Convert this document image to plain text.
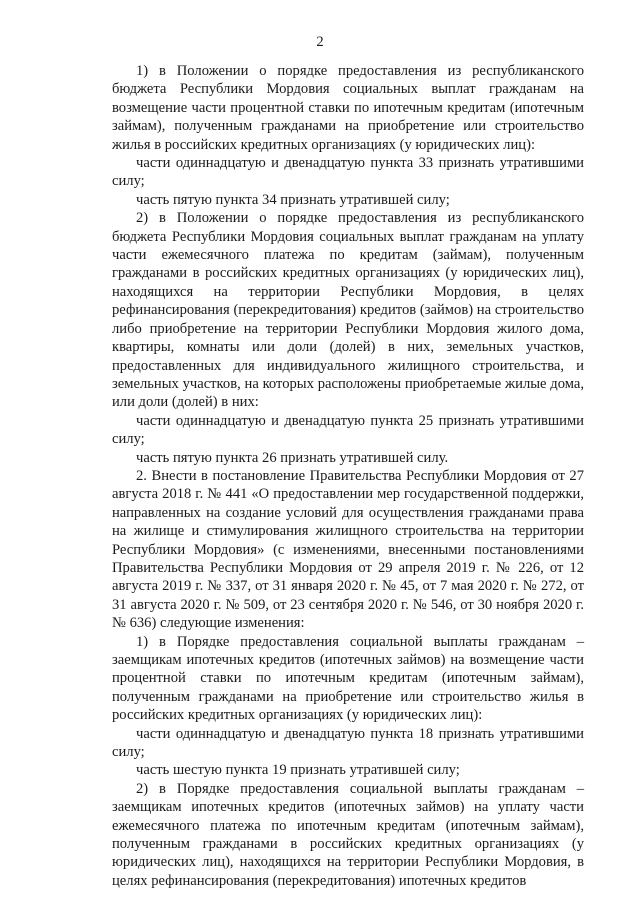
2

1) в Положении о порядке предоставления из республиканского бюджета Республики Мордовия социальных выплат гражданам на возмещение части процентной ставки по ипотечным кредитам (ипотечным займам), полученным гражданами на приобретение или строительство жилья в российских кредитных организациях (у юридических лиц):

части одиннадцатую и двенадцатую пункта 33 признать утратившими силу;

часть пятую пункта 34 признать утратившей силу;

2) в Положении о порядке предоставления из республиканского бюджета Республики Мордовия социальных выплат гражданам на уплату части ежемесячного платежа по кредитам (займам), полученным гражданами в российских кредитных организациях (у юридических лиц), находящихся на территории Республики Мордовия, в целях рефинансирования (перекредитования) кредитов (займов) на строительство либо приобретение на территории Республики Мордовия жилого дома, квартиры, комнаты или доли (долей) в них, земельных участков, предоставленных для индивидуального жилищного строительства, и земельных участков, на которых расположены приобретаемые жилые дома, или доли (долей) в них:

части одиннадцатую и двенадцатую пункта 25 признать утратившими силу;

часть пятую пункта 26 признать утратившей силу.

2. Внести в постановление Правительства Республики Мордовия от 27 августа 2018 г. № 441 «О предоставлении мер государственной поддержки, направленных на создание условий для осуществления гражданами права на жилище и стимулирования жилищного строительства на территории Республики Мордовия» (с изменениями, внесенными постановлениями Правительства Республики Мордовия от 29 апреля 2019 г. № 226, от 12 августа 2019 г. № 337, от 31 января 2020 г. № 45, от 7 мая 2020 г. № 272, от 31 августа 2020 г. № 509, от 23 сентября 2020 г. № 546, от 30 ноября 2020 г. № 636) следующие изменения:

1) в Порядке предоставления социальной выплаты гражданам – заемщикам ипотечных кредитов (ипотечных займов) на возмещение части процентной ставки по ипотечным кредитам (ипотечным займам), полученным гражданами на приобретение или строительство жилья в российских кредитных организациях (у юридических лиц):

части одиннадцатую и двенадцатую пункта 18 признать утратившими силу;

часть шестую пункта 19 признать утратившей силу;

2) в Порядке предоставления социальной выплаты гражданам – заемщикам ипотечных кредитов (ипотечных займов) на уплату части ежемесячного платежа по ипотечным кредитам (ипотечным займам), полученным гражданами в российских кредитных организациях (у юридических лиц), находящихся на территории Республики Мордовия, в целях рефинансирования (перекредитования) ипотечных кредитов
